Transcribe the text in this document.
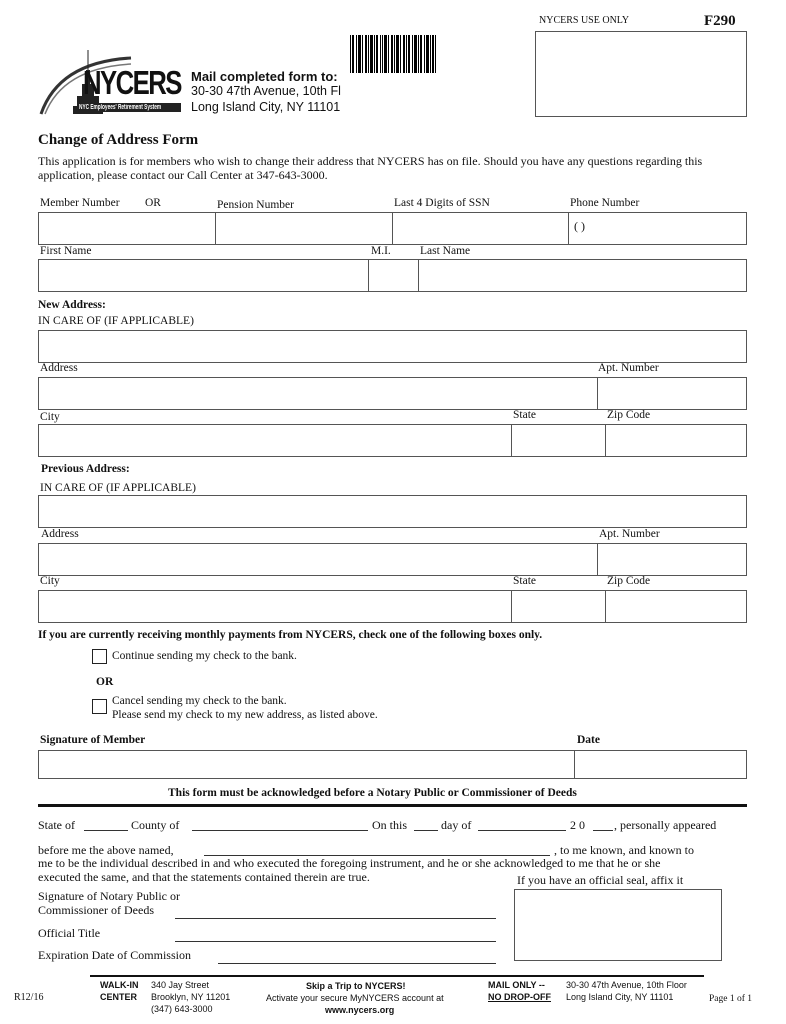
NYCERS USE ONLY	F290
NYCERS
NYC Employees' Retirement System
Mail completed form to:
30-30 47th Avenue, 10th Fl
Long Island City, NY 11101
Change of Address Form
This application is for members who wish to change their address that NYCERS has on file. Should you have any questions regarding this application, please contact our Call Center at 347-643-3000.
Member Number OR	Pension Number	Last 4 Digits of SSN	Phone Number
( )
First Name	M.I.	Last Name
New Address:
IN CARE OF (IF APPLICABLE)
Address	Apt. Number
City	State	Zip Code
Previous Address:
IN CARE OF (IF APPLICABLE)
Address	Apt. Number
City	State	Zip Code
If you are currently receiving monthly payments from NYCERS, check one of the following boxes only.
Continue sending my check to the bank.
OR
Cancel sending my check to the bank.
Please send my check to my new address, as listed above.
Signature of Member	Date
This form must be acknowledged before a Notary Public or Commissioner of Deeds
State of	County of	On this	day of	2 0 , personally appeared
before me the above named,	, to me known, and known to
me to be the individual described in and who executed the foregoing instrument, and he or she acknowledged to me that he or she
executed the same, and that the statements contained therein are true.	If you have an official seal, affix it
Signature of Notary Public or
Commissioner of Deeds
Official Title
Expiration Date of Commission
R12/16
WALK-IN
CENTER
340 Jay Street
Brooklyn, NY 11201
(347) 643-3000
Skip a Trip to NYCERS!
Activate your secure MyNYCERS account at
www.nycers.org
MAIL ONLY --
NO DROP-OFF
30-30 47th Avenue, 10th Floor
Long Island City, NY 11101	Page 1 of 1
